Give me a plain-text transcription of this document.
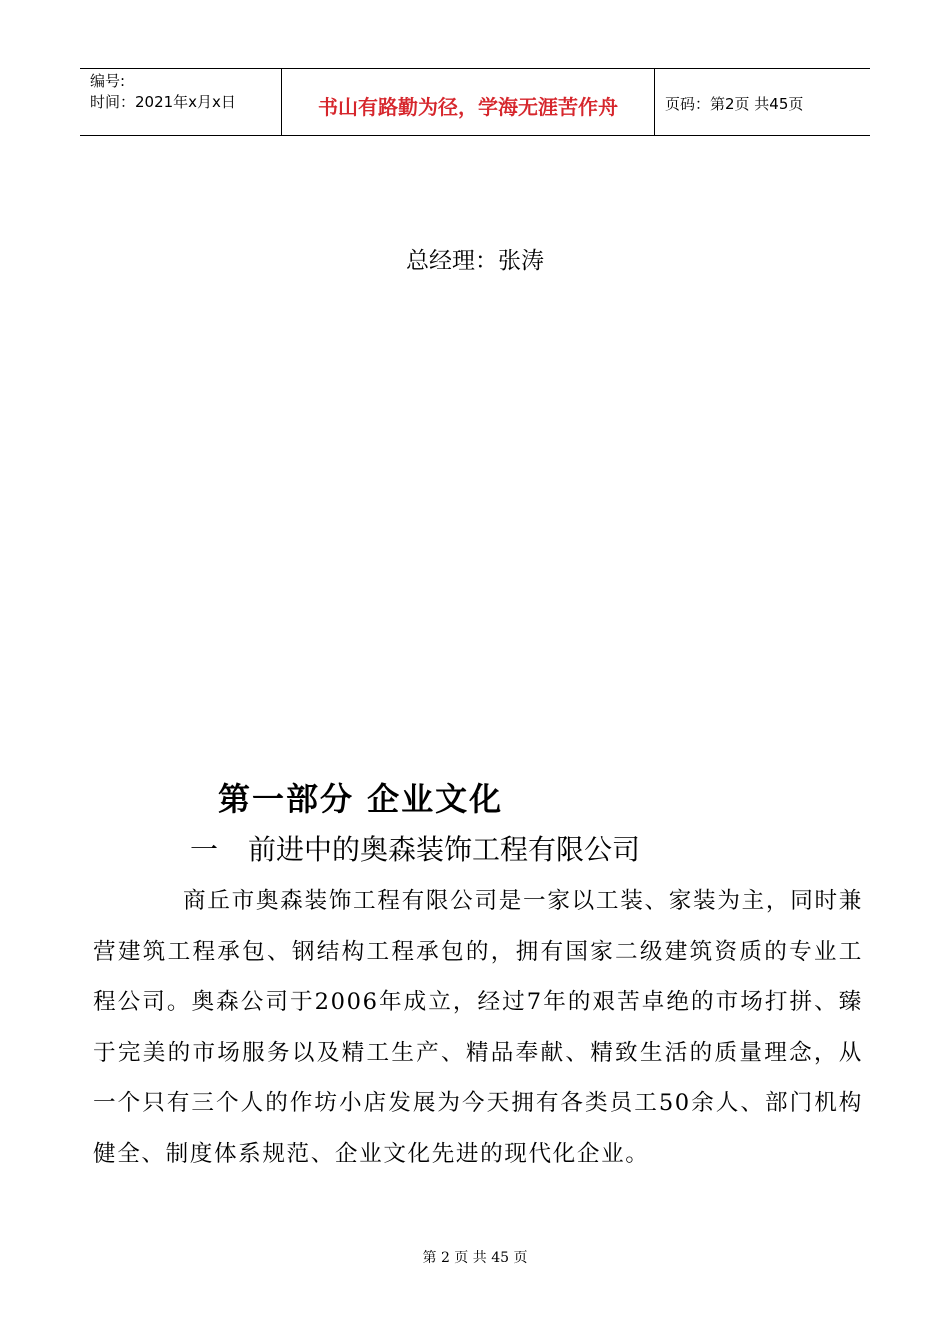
编号:
时间：2021年x月x日	书山有路勤为径，学海无涯苦作舟	页码：第2页 共45页
总经理：张涛
第一部分 企业文化
一 前进中的奥森装饰工程有限公司

商丘市奥森装饰工程有限公司是一家以工装、家装为主，同时兼营建筑工程承包、钢结构工程承包的，拥有国家二级建筑资质的专业工程公司。奥森公司于2006年成立，经过7年的艰苦卓绝的市场打拼、臻于完美的市场服务以及精工生产、精品奉献、精致生活的质量理念，从一个只有三个人的作坊小店发展为今天拥有各类员工50余人、部门机构健全、制度体系规范、企业文化先进的现代化企业。

第 2 页 共 45 页
